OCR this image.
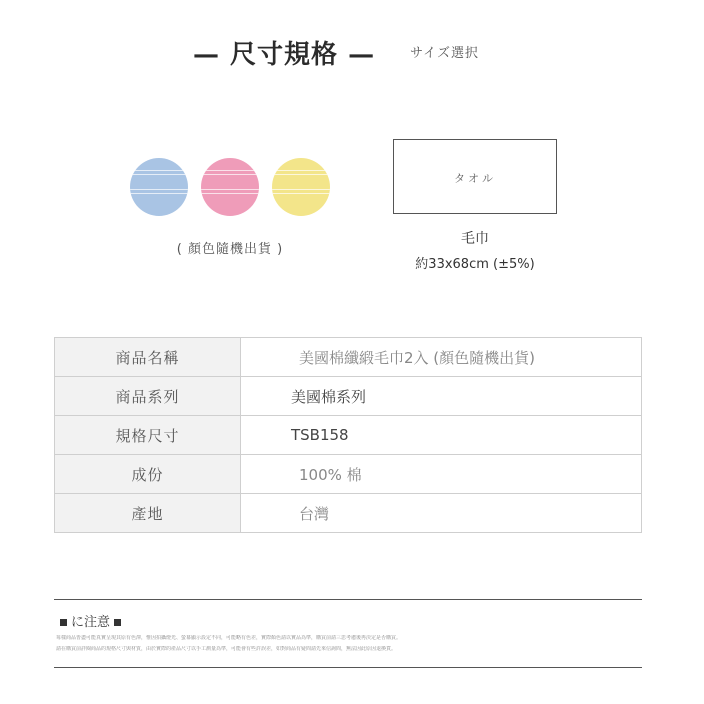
— 尺寸規格 —	サイズ選択
( 顏色隨機出貨 )
タオル
毛巾
約33x68cm (±5%)
商品名稱	美國棉纖緞毛巾2入 (顏色隨機出貨)
商品系列	美國棉系列
規格尺寸	TSB158
成份	100% 棉
產地	台灣
に注意
每樣商品皆盡可能真實呈現其原有色澤，惟因拍攝燈光、螢幕顯示設定不同，可能略有色差，實際顏色請以實品為準，購買前請三思考慮後再決定是否購買。
請在購買前詳閱商品的規格尺寸與材質，由於實際的產品尺寸以手工測量為準，可能會有些許誤差，如對商品有疑問請先來信詢問，無法因此原因退換貨。
